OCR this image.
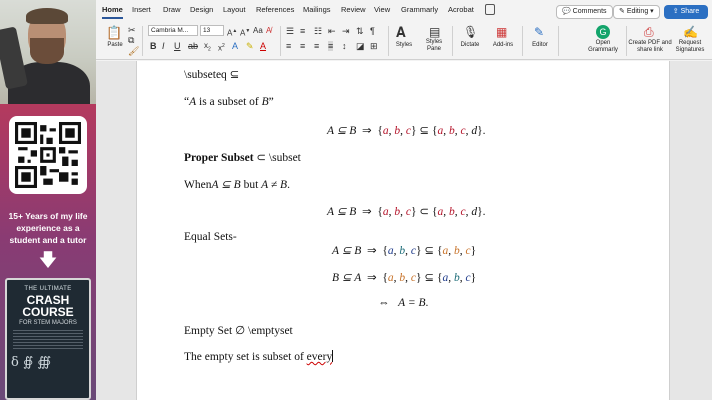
15+ Years of my life experience as a student and a tutor
🡇
THE ULTIMATE
CRASH COURSE
FOR STEM MAJORS
δ ∯ ∰
Home Insert Draw Design Layout References Mailings Review View Grammarly Acrobat	💬 Comments	✎ Editing ▾	⇪ Share
📋
Paste
✂
⧉
🖌
Cambria M...	13	A▲ A▼ Aa A̸
B I U ab $x_2$ $x^2$ A ✎ A
☰ ≡ ☷ ⇤ ⇥ ⇅ ¶
≡ ≡ ≡ ≡ ↕ ◪ ⊞
𝐀
Styles
▤
Styles Pane
🎙
Dictate
▦
Add-ins
✎
Editor
G
Open Grammarly
⎙
Create PDF and share link
✍
Request Signatures
\subseteq ⊆
“A is a subset of B”
A ⊆ B ⇒  {a, b, c} ⊆ {a, b, c, d}.
Proper Subset ⊂ \subset
WhenA ⊆ B but A ≠ B.
A ⊆ B ⇒  {a, b, c} ⊂ {a, b, c, d}.
Equal Sets-
A ⊆ B ⇒  {a, b, c} ⊆ {a, b, c}
B ⊆ A ⇒  {a, b, c} ⊆ {a, b, c}
⇔ A = B.
Empty Set ∅ \emptyset
The empty set is subset of every
